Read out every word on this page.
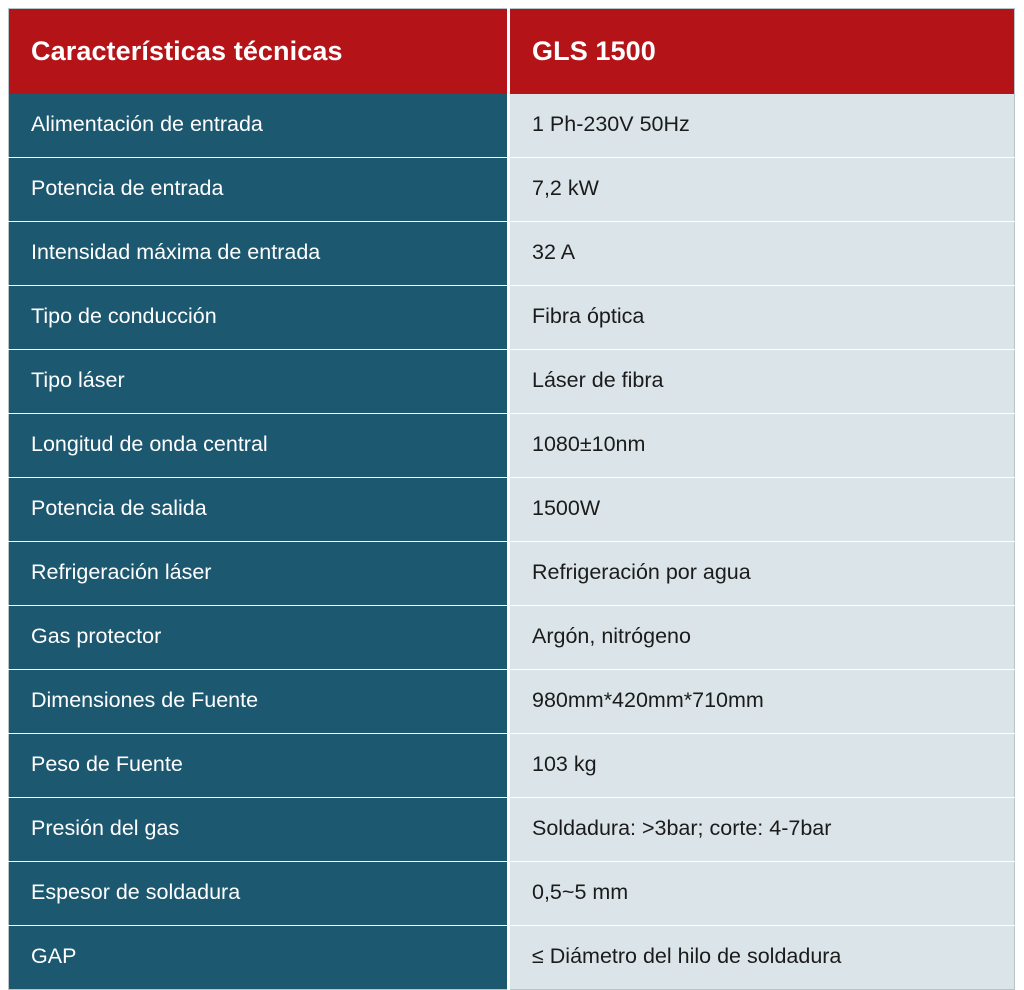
Características técnicas	GLS 1500
Alimentación de entrada	1 Ph-230V 50Hz
Potencia de entrada	7,2 kW
Intensidad máxima de entrada	32 A
Tipo de conducción	Fibra óptica
Tipo láser	Láser de fibra
Longitud de onda central	1080±10nm
Potencia de salida	1500W
Refrigeración láser	Refrigeración por agua
Gas protector	Argón, nitrógeno
Dimensiones de Fuente	980mm*420mm*710mm
Peso de Fuente	103 kg
Presión del gas	Soldadura: >3bar; corte: 4-7bar
Espesor de soldadura	0,5~5 mm
GAP	≤ Diámetro del hilo de soldadura
